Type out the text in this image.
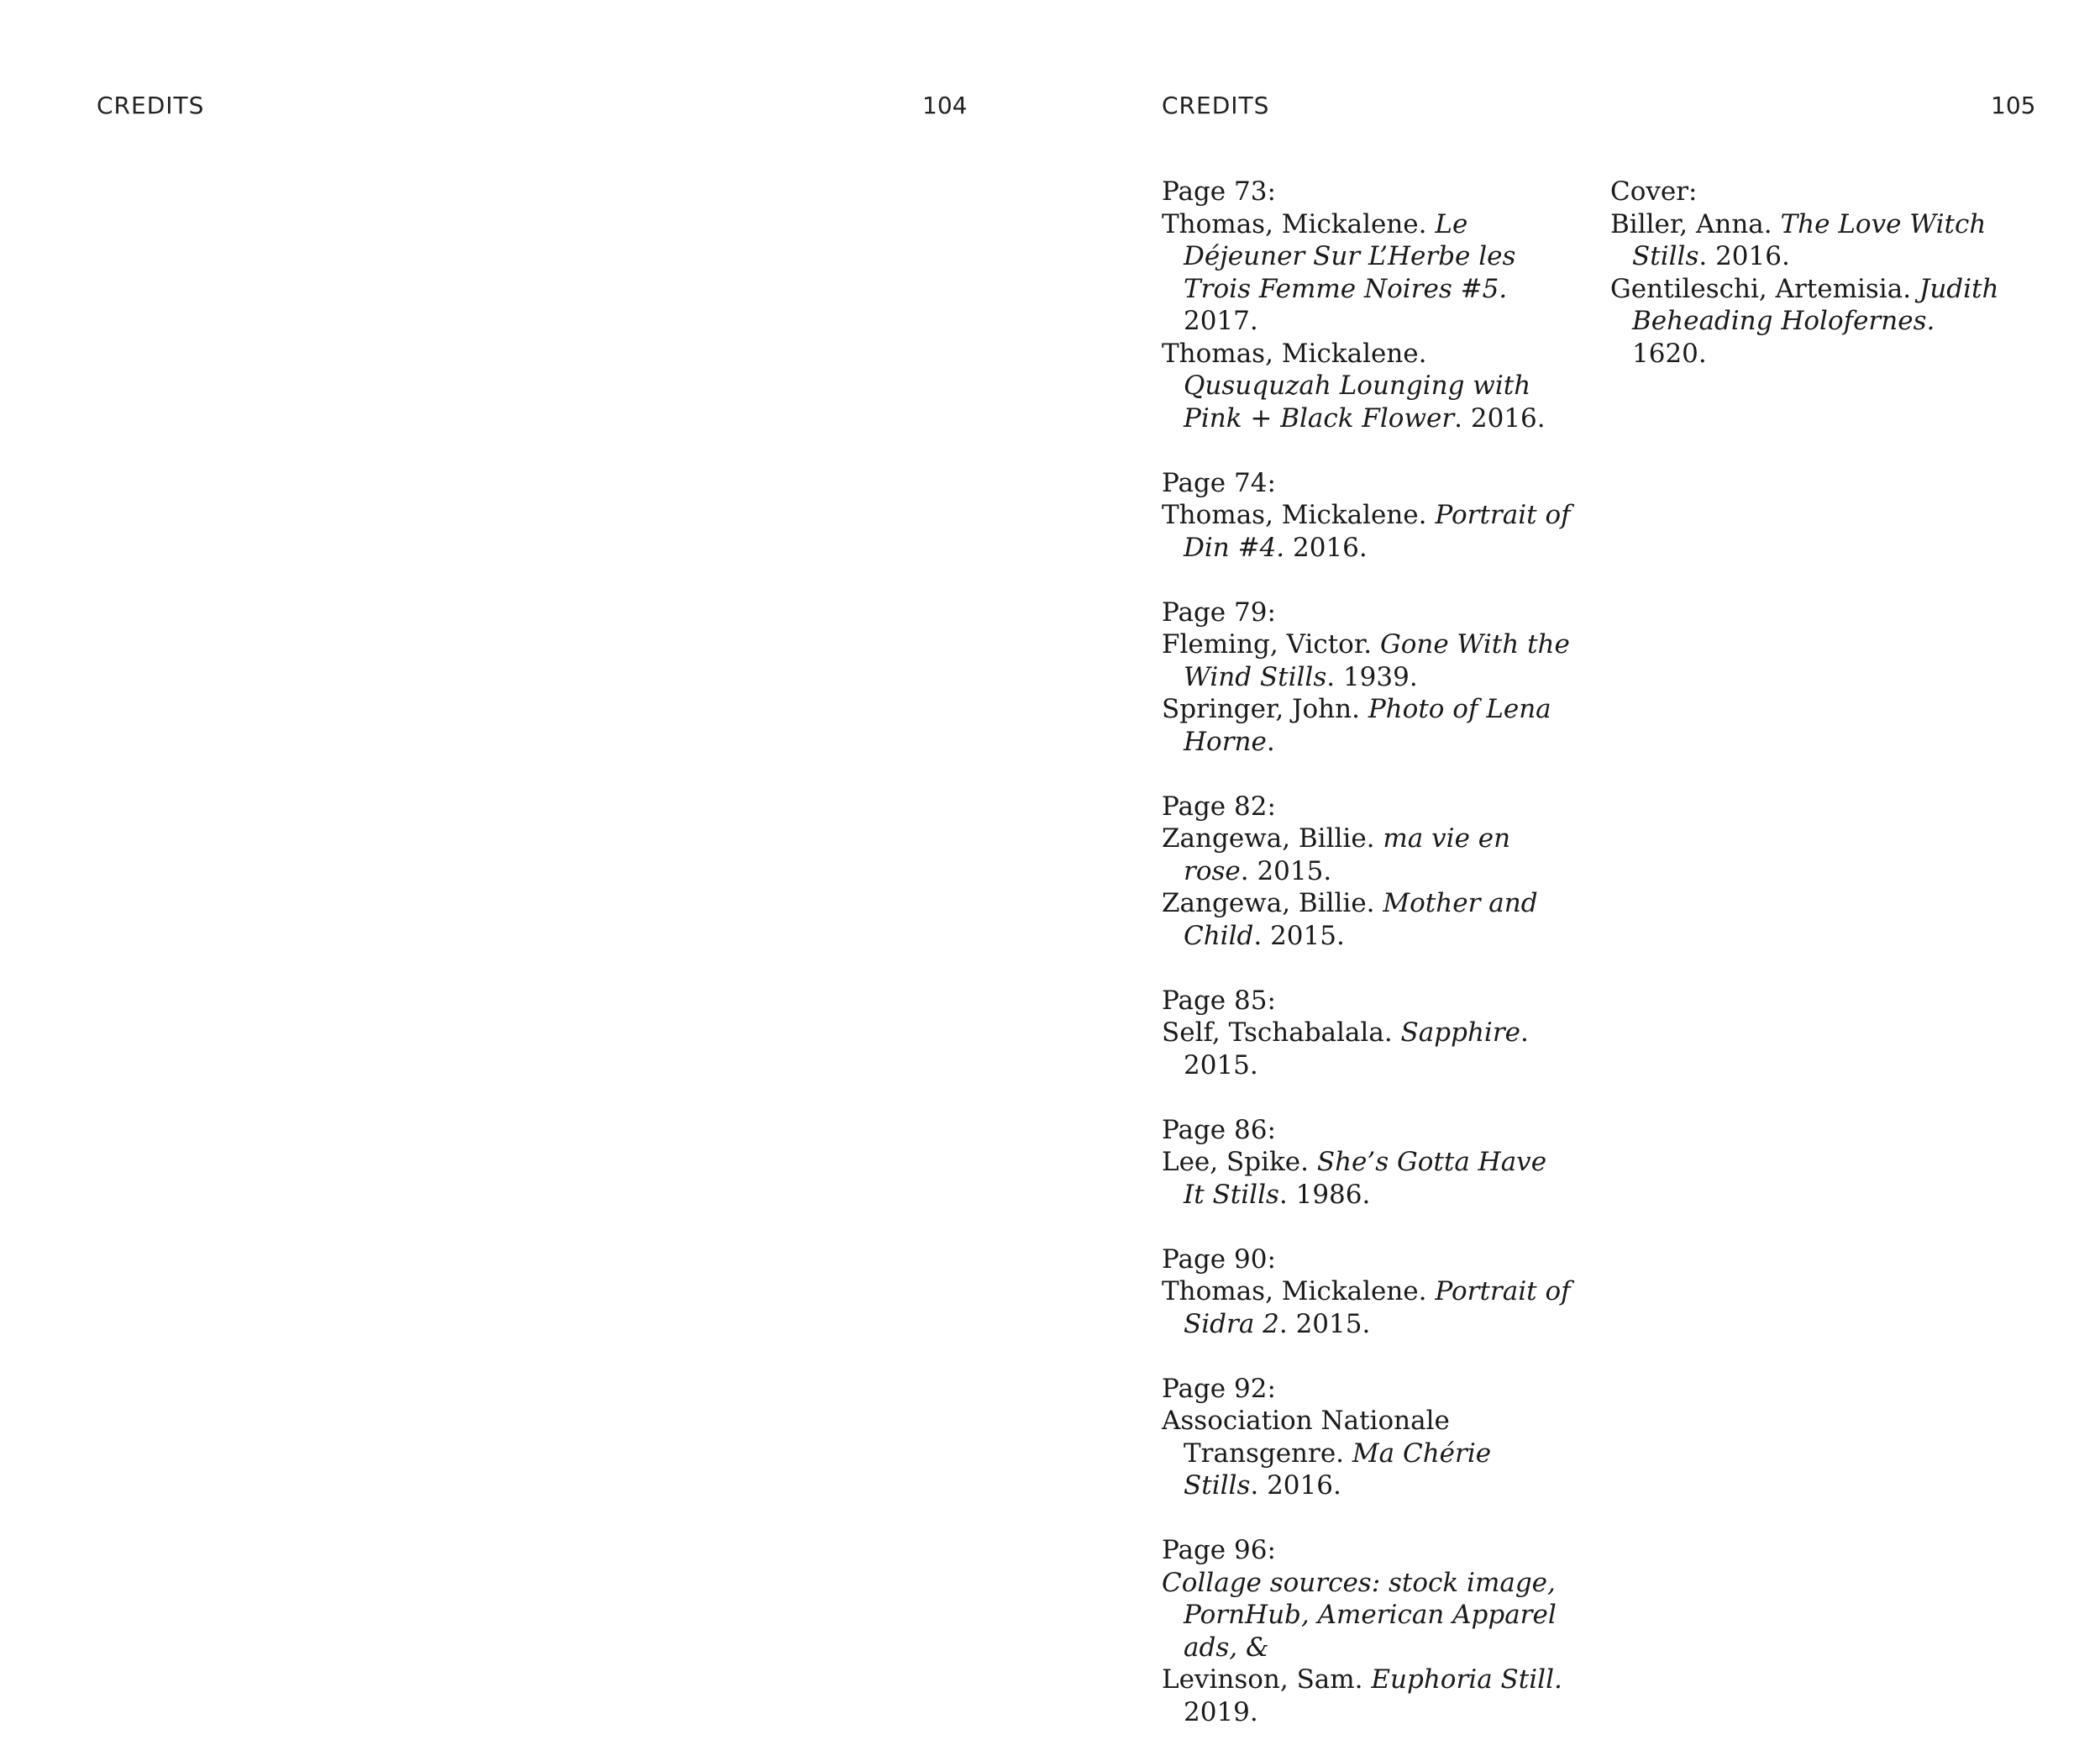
CREDITS	104	CREDITS	105

Page 73:

Thomas, Mickalene. Le Déjeuner Sur L’Herbe les Trois Femme Noires #5. 2017.

Thomas, Mickalene. Qusuquzah Lounging with Pink + Black Flower. 2016.

Page 74:

Thomas, Mickalene. Portrait of Din #4. 2016.

Page 79:

Fleming, Victor. Gone With the Wind Stills. 1939.

Springer, John. Photo of Lena Horne.

Page 82:

Zangewa, Billie. ma vie en rose. 2015.

Zangewa, Billie. Mother and Child. 2015.

Page 85:

Self, Tschabalala. Sapphire. 2015.

Page 86:

Lee, Spike. She’s Gotta Have It Stills. 1986.

Page 90:

Thomas, Mickalene. Portrait of Sidra 2. 2015.

Page 92:

Association Nationale Transgenre. Ma Chérie Stills. 2016.

Page 96:

Collage sources: stock image, PornHub, American Apparel ads, &

Levinson, Sam. Euphoria Still. 2019.

Cover:

Biller, Anna. The Love Witch Stills. 2016.

Gentileschi, Artemisia. Judith Beheading Holofernes. 1620.
